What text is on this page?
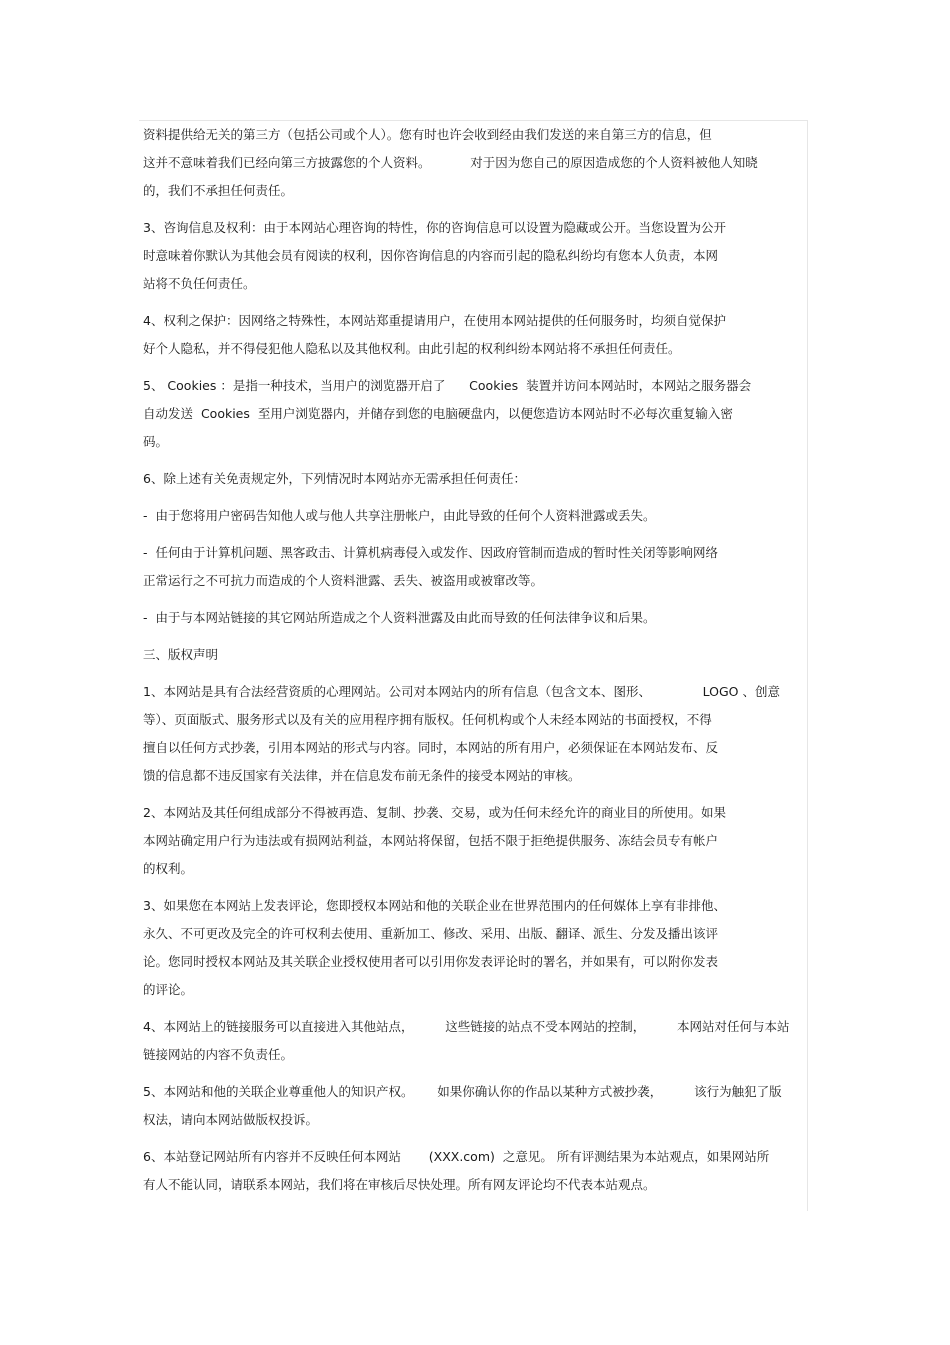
资料提供给无关的第三方（包括公司或个人）。您有时也许会收到经由我们发送的来自第三方的信息，但
这并不意味着我们已经向第三方披露您的个人资料。          对于因为您自己的原因造成您的个人资料被他人知晓
的，我们不承担任何责任。
3、咨询信息及权利：由于本网站心理咨询的特性，你的咨询信息可以设置为隐藏或公开。当您设置为公开
时意味着你默认为其他会员有阅读的权利，因你咨询信息的内容而引起的隐私纠纷均有您本人负责，本网
站将不负任何责任。
4、权利之保护：因网络之特殊性，本网站郑重提请用户，在使用本网站提供的任何服务时，均须自觉保护
好个人隐私，并不得侵犯他人隐私以及其他权利。由此引起的权利纠纷本网站将不承担任何责任。
5、 Cookies ：是指一种技术，当用户的浏览器开启了      Cookies  装置并访问本网站时，本网站之服务器会
自动发送  Cookies  至用户浏览器内，并储存到您的电脑硬盘内，以便您造访本网站时不必每次重复输入密
码。
6、除上述有关免责规定外，下列情况时本网站亦无需承担任何责任：
-  由于您将用户密码告知他人或与他人共享注册帐户，由此导致的任何个人资料泄露或丢失。
-  任何由于计算机问题、黑客政击、计算机病毒侵入或发作、因政府管制而造成的暂时性关闭等影响网络
正常运行之不可抗力而造成的个人资料泄露、丢失、被盗用或被窜改等。
-  由于与本网站链接的其它网站所造成之个人资料泄露及由此而导致的任何法律争议和后果。
三、版权声明
1、本网站是具有合法经营资质的心理网站。公司对本网站内的所有信息（包含文本、图形、             LOGO 、创意
等）、页面版式、服务形式以及有关的应用程序拥有版权。任何机构或个人未经本网站的书面授权，不得
擅自以任何方式抄袭，引用本网站的形式与内容。同时，本网站的所有用户，必须保证在本网站发布、反
馈的信息都不违反国家有关法律，并在信息发布前无条件的接受本网站的审核。
2、本网站及其任何组成部分不得被再造、复制、抄袭、交易，或为任何未经允许的商业目的所使用。如果
本网站确定用户行为违法或有损网站利益，本网站将保留，包括不限于拒绝提供服务、冻结会员专有帐户
的权利。
3、如果您在本网站上发表评论，您即授权本网站和他的关联企业在世界范围内的任何媒体上享有非排他、
永久、不可更改及完全的许可权利去使用、重新加工、修改、采用、出版、翻译、派生、分发及播出该评
论。您同时授权本网站及其关联企业授权使用者可以引用你发表评论时的署名，并如果有，可以附你发表
的评论。
4、本网站上的链接服务可以直接进入其他站点，        这些链接的站点不受本网站的控制，        本网站对任何与本站
链接网站的内容不负责任。
5、本网站和他的关联企业尊重他人的知识产权。      如果你确认你的作品以某种方式被抄袭，        该行为触犯了版
权法，请向本网站做版权投诉。
6、本站登记网站所有内容并不反映任何本网站       (XXX.com)  之意见。 所有评测结果为本站观点，如果网站所
有人不能认同，请联系本网站，我们将在审核后尽快处理。所有网友评论均不代表本站观点。
